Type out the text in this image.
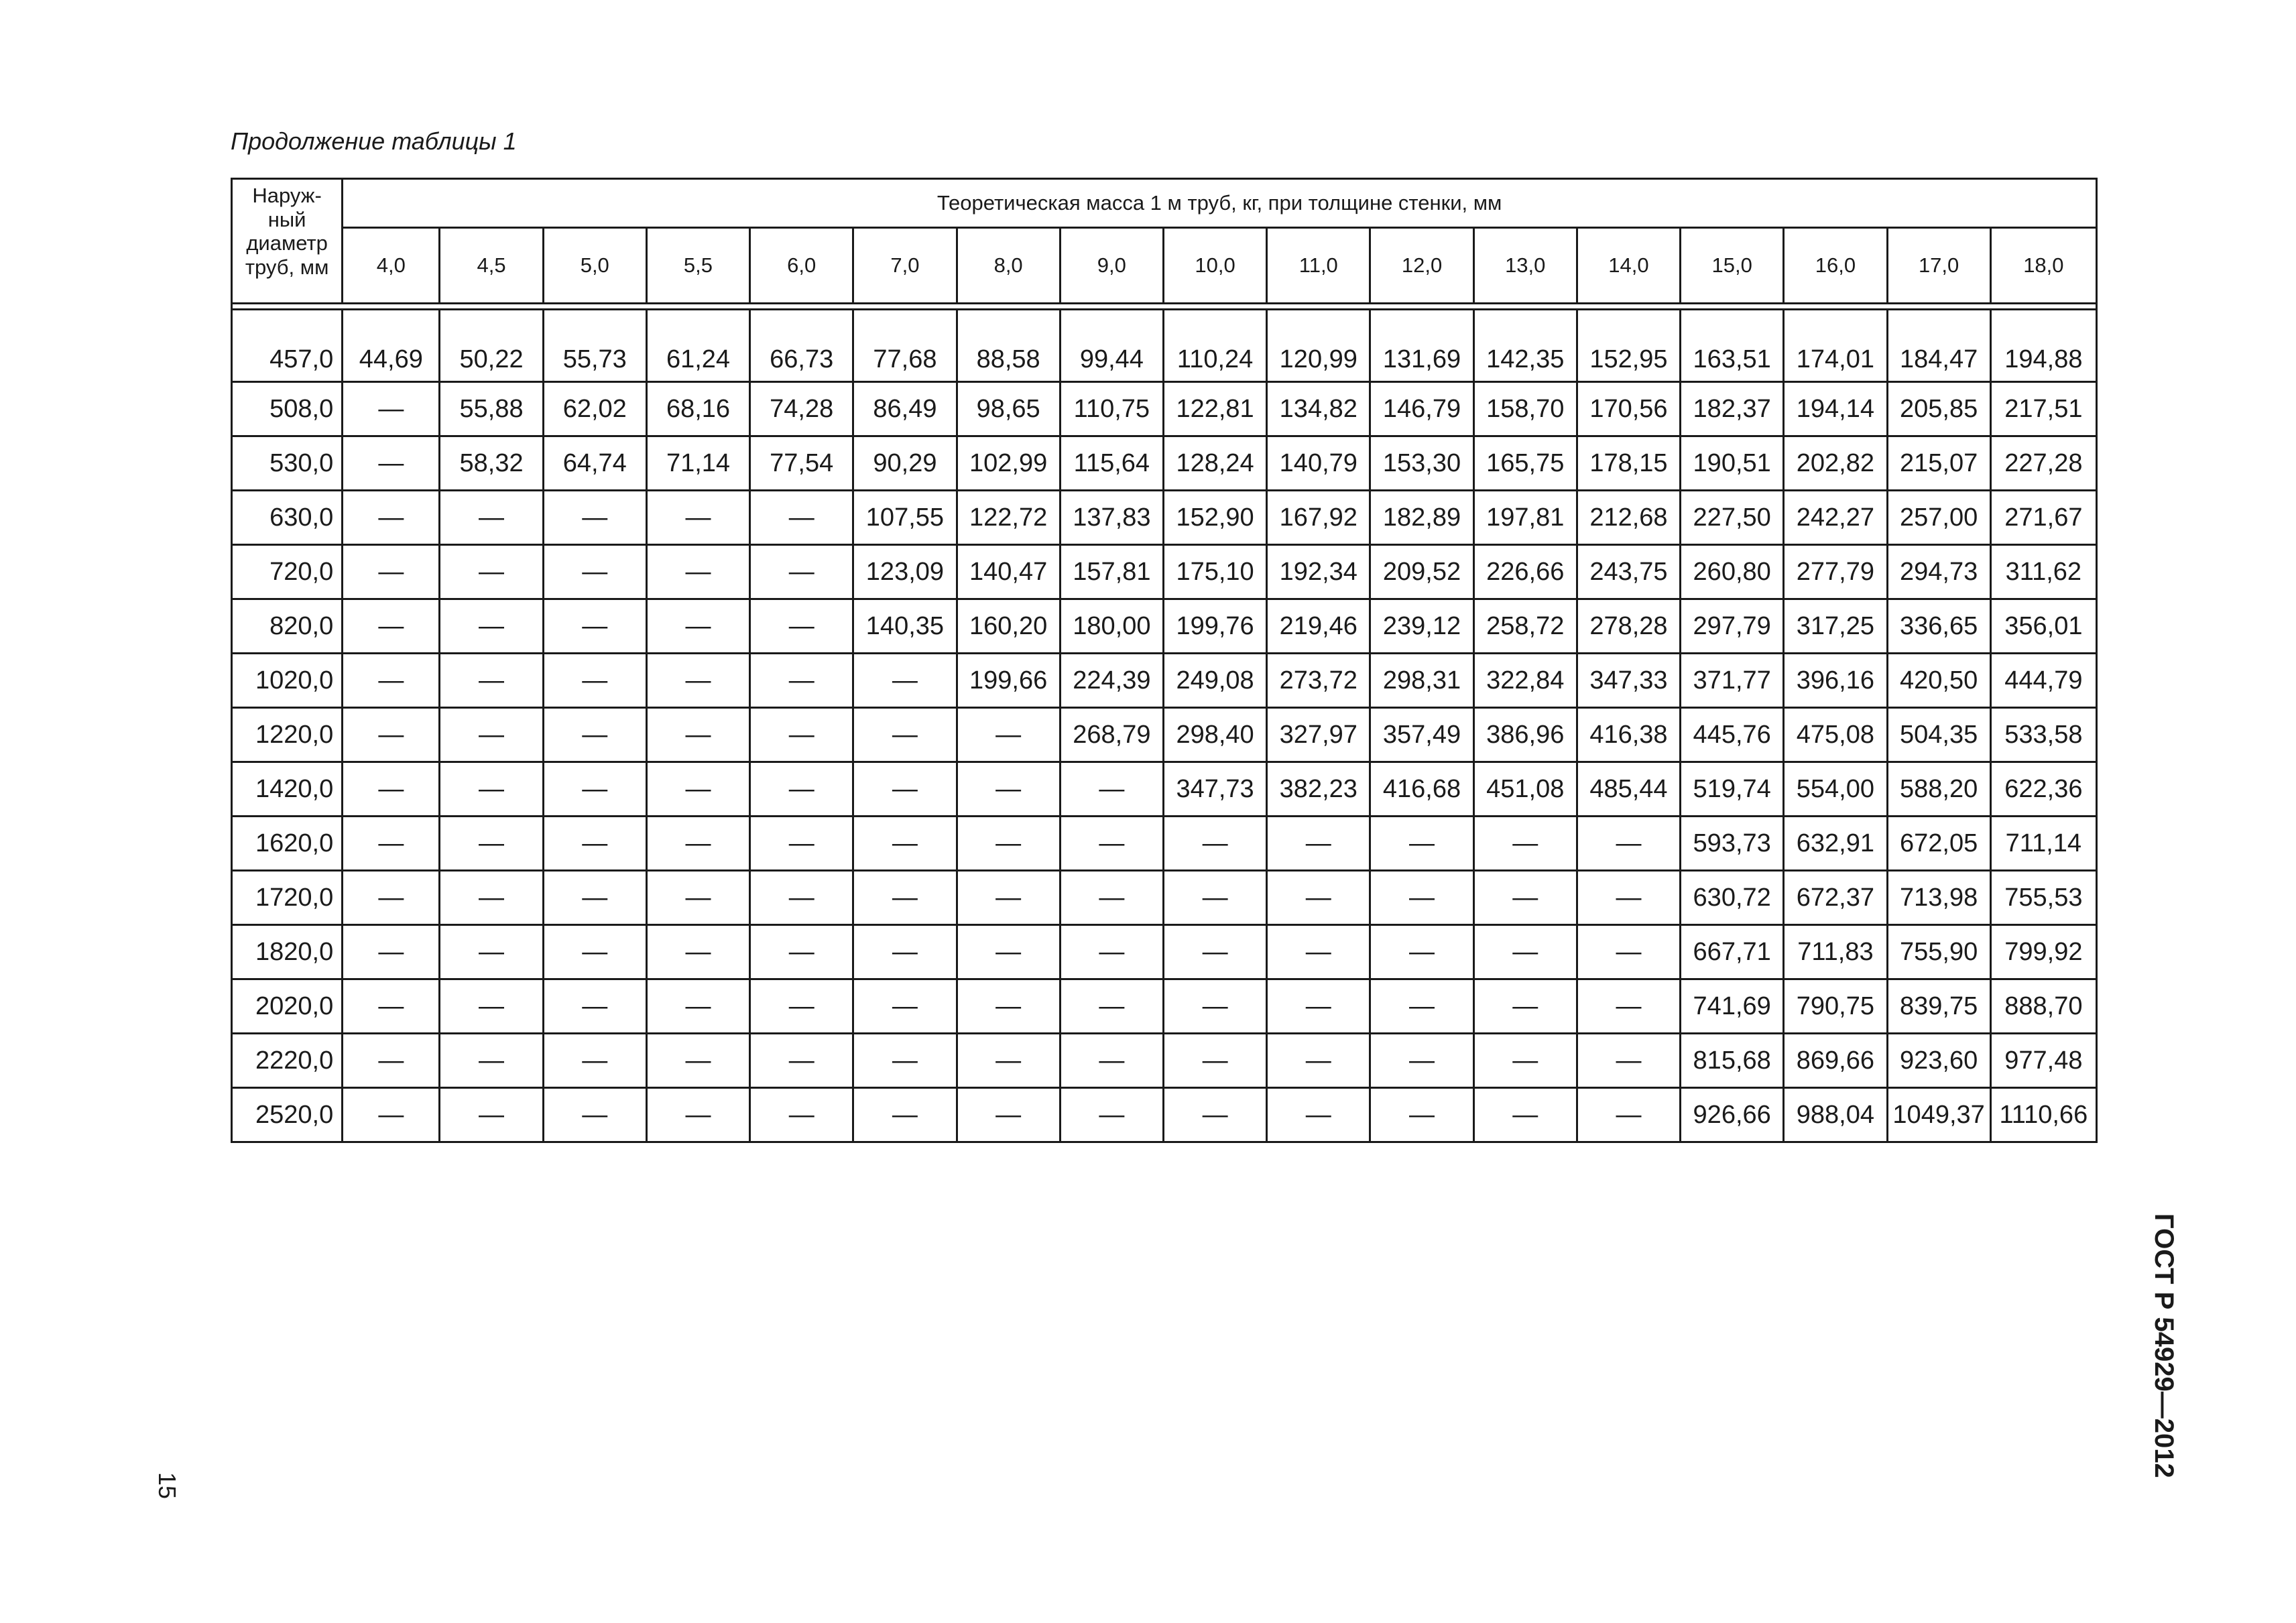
Продолжение таблицы 1
Наруж-
ный
диаметр
труб, мм	Теоретическая масса 1 м труб, кг, при толщине стенки, мм																
	4,0	4,5	5,0	5,5	6,0	7,0	8,0	9,0	10,0	11,0	12,0	13,0	14,0	15,0	16,0	17,0	18,0

457,0	44,69	50,22	55,73	61,24	66,73	77,68	88,58	99,44	110,24	120,99	131,69	142,35	152,95	163,51	174,01	184,47	194,88
508,0	—	55,88	62,02	68,16	74,28	86,49	98,65	110,75	122,81	134,82	146,79	158,70	170,56	182,37	194,14	205,85	217,51
530,0	—	58,32	64,74	71,14	77,54	90,29	102,99	115,64	128,24	140,79	153,30	165,75	178,15	190,51	202,82	215,07	227,28
630,0	—	—	—	—	—	107,55	122,72	137,83	152,90	167,92	182,89	197,81	212,68	227,50	242,27	257,00	271,67
720,0	—	—	—	—	—	123,09	140,47	157,81	175,10	192,34	209,52	226,66	243,75	260,80	277,79	294,73	311,62
820,0	—	—	—	—	—	140,35	160,20	180,00	199,76	219,46	239,12	258,72	278,28	297,79	317,25	336,65	356,01
1020,0	—	—	—	—	—	—	199,66	224,39	249,08	273,72	298,31	322,84	347,33	371,77	396,16	420,50	444,79
1220,0	—	—	—	—	—	—	—	268,79	298,40	327,97	357,49	386,96	416,38	445,76	475,08	504,35	533,58
1420,0	—	—	—	—	—	—	—	—	347,73	382,23	416,68	451,08	485,44	519,74	554,00	588,20	622,36
1620,0	—	—	—	—	—	—	—	—	—	—	—	—	—	593,73	632,91	672,05	711,14
1720,0	—	—	—	—	—	—	—	—	—	—	—	—	—	630,72	672,37	713,98	755,53
1820,0	—	—	—	—	—	—	—	—	—	—	—	—	—	667,71	711,83	755,90	799,92
2020,0	—	—	—	—	—	—	—	—	—	—	—	—	—	741,69	790,75	839,75	888,70
2220,0	—	—	—	—	—	—	—	—	—	—	—	—	—	815,68	869,66	923,60	977,48
2520,0	—	—	—	—	—	—	—	—	—	—	—	—	—	926,66	988,04	1049,37	1110,66
15
ГОСТ Р 54929—2012
